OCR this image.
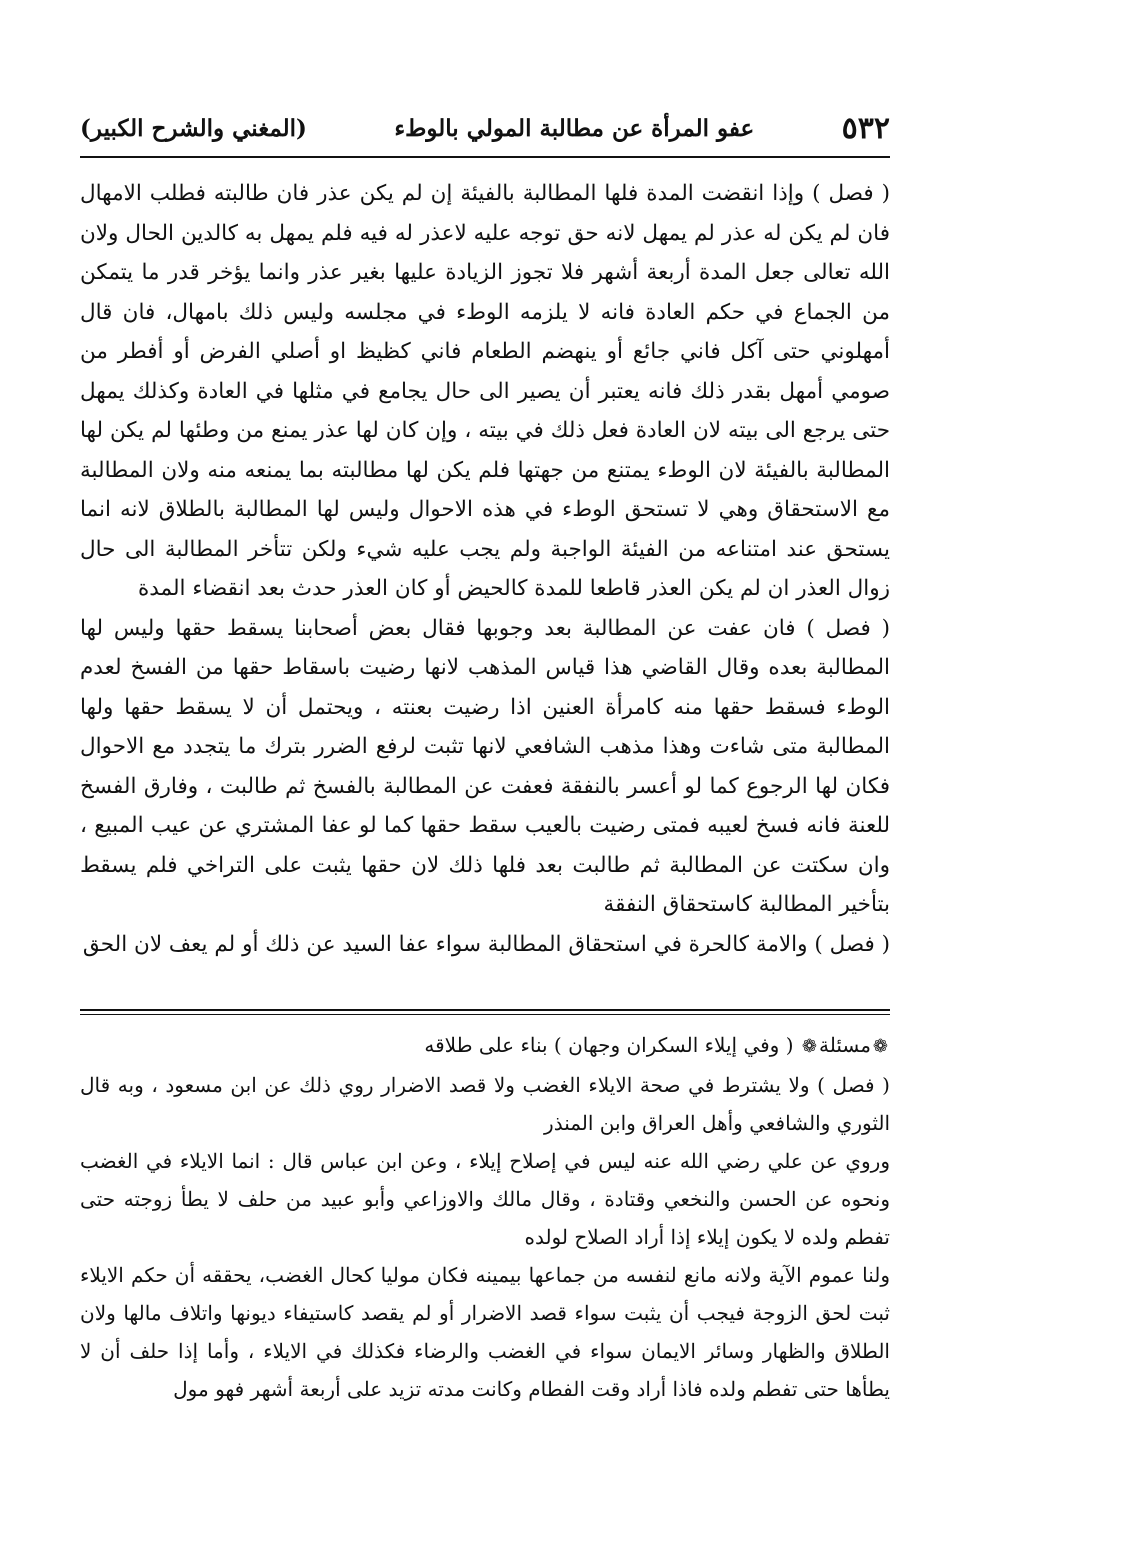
٥٣٢
عفو المرأة عن مطالبة المولي بالوطء
(المغني والشرح الكبير)

( فصل ) وإذا انقضت المدة فلها المطالبة بالفيئة إن لم يكن عذر فان طالبته فطلب الامهال فان لم يكن له عذر لم يمهل لانه حق توجه عليه لاعذر له فيه فلم يمهل به كالدين الحال ولان الله تعالى جعل المدة أربعة أشهر فلا تجوز الزيادة عليها بغير عذر وانما يؤخر قدر ما يتمكن من الجماع في حكم العادة فانه لا يلزمه الوطء في مجلسه وليس ذلك بامهال، فان قال أمهلوني حتى آكل فاني جائع أو ينهضم الطعام فاني كظيظ او أصلي الفرض أو أفطر من صومي أمهل بقدر ذلك فانه يعتبر أن يصير الى حال يجامع في مثلها في العادة وكذلك يمهل حتى يرجع الى بيته لان العادة فعل ذلك في بيته ، وإن كان لها عذر يمنع من وطئها لم يكن لها المطالبة بالفيئة لان الوطء يمتنع من جهتها فلم يكن لها مطالبته بما يمنعه منه ولان المطالبة مع الاستحقاق وهي لا تستحق الوطء في هذه الاحوال وليس لها المطالبة بالطلاق لانه انما يستحق عند امتناعه من الفيئة الواجبة ولم يجب عليه شيء ولكن تتأخر المطالبة الى حال زوال العذر ان لم يكن العذر قاطعا للمدة كالحيض أو كان العذر حدث بعد انقضاء المدة

( فصل ) فان عفت عن المطالبة بعد وجوبها فقال بعض أصحابنا يسقط حقها وليس لها المطالبة بعده وقال القاضي هذا قياس المذهب لانها رضيت باسقاط حقها من الفسخ لعدم الوطء فسقط حقها منه كامرأة العنين اذا رضيت بعنته ، ويحتمل أن لا يسقط حقها ولها المطالبة متى شاءت وهذا مذهب الشافعي لانها تثبت لرفع الضرر بترك ما يتجدد مع الاحوال فكان لها الرجوع كما لو أعسر بالنفقة فعفت عن المطالبة بالفسخ ثم طالبت ، وفارق الفسخ للعنة فانه فسخ لعيبه فمتى رضيت بالعيب سقط حقها كما لو عفا المشتري عن عيب المبيع ، وان سكتت عن المطالبة ثم طالبت بعد فلها ذلك لان حقها يثبت على التراخي فلم يسقط بتأخير المطالبة كاستحقاق النفقة

( فصل ) والامة كالحرة في استحقاق المطالبة سواء عفا السيد عن ذلك أو لم يعف لان الحق

❁مسئلة❁ ( وفي إيلاء السكران وجهان ) بناء على طلاقه

( فصل ) ولا يشترط في صحة الايلاء الغضب ولا قصد الاضرار روي ذلك عن ابن مسعود ، وبه قال الثوري والشافعي وأهل العراق وابن المنذر

وروي عن علي رضي الله عنه ليس في إصلاح إيلاء ، وعن ابن عباس قال : انما الايلاء في الغضب ونحوه عن الحسن والنخعي وقتادة ، وقال مالك والاوزاعي وأبو عبيد من حلف لا يطأ زوجته حتى تفطم ولده لا يكون إيلاء إذا أراد الصلاح لولده

ولنا عموم الآية ولانه مانع لنفسه من جماعها بيمينه فكان موليا كحال الغضب، يحققه أن حكم الايلاء ثبت لحق الزوجة فيجب أن يثبت سواء قصد الاضرار أو لم يقصد كاستيفاء ديونها واتلاف مالها ولان الطلاق والظهار وسائر الايمان سواء في الغضب والرضاء فكذلك في الايلاء ، وأما إذا حلف أن لا يطأها حتى تفطم ولده فاذا أراد وقت الفطام وكانت مدته تزيد على أربعة أشهر فهو مول
